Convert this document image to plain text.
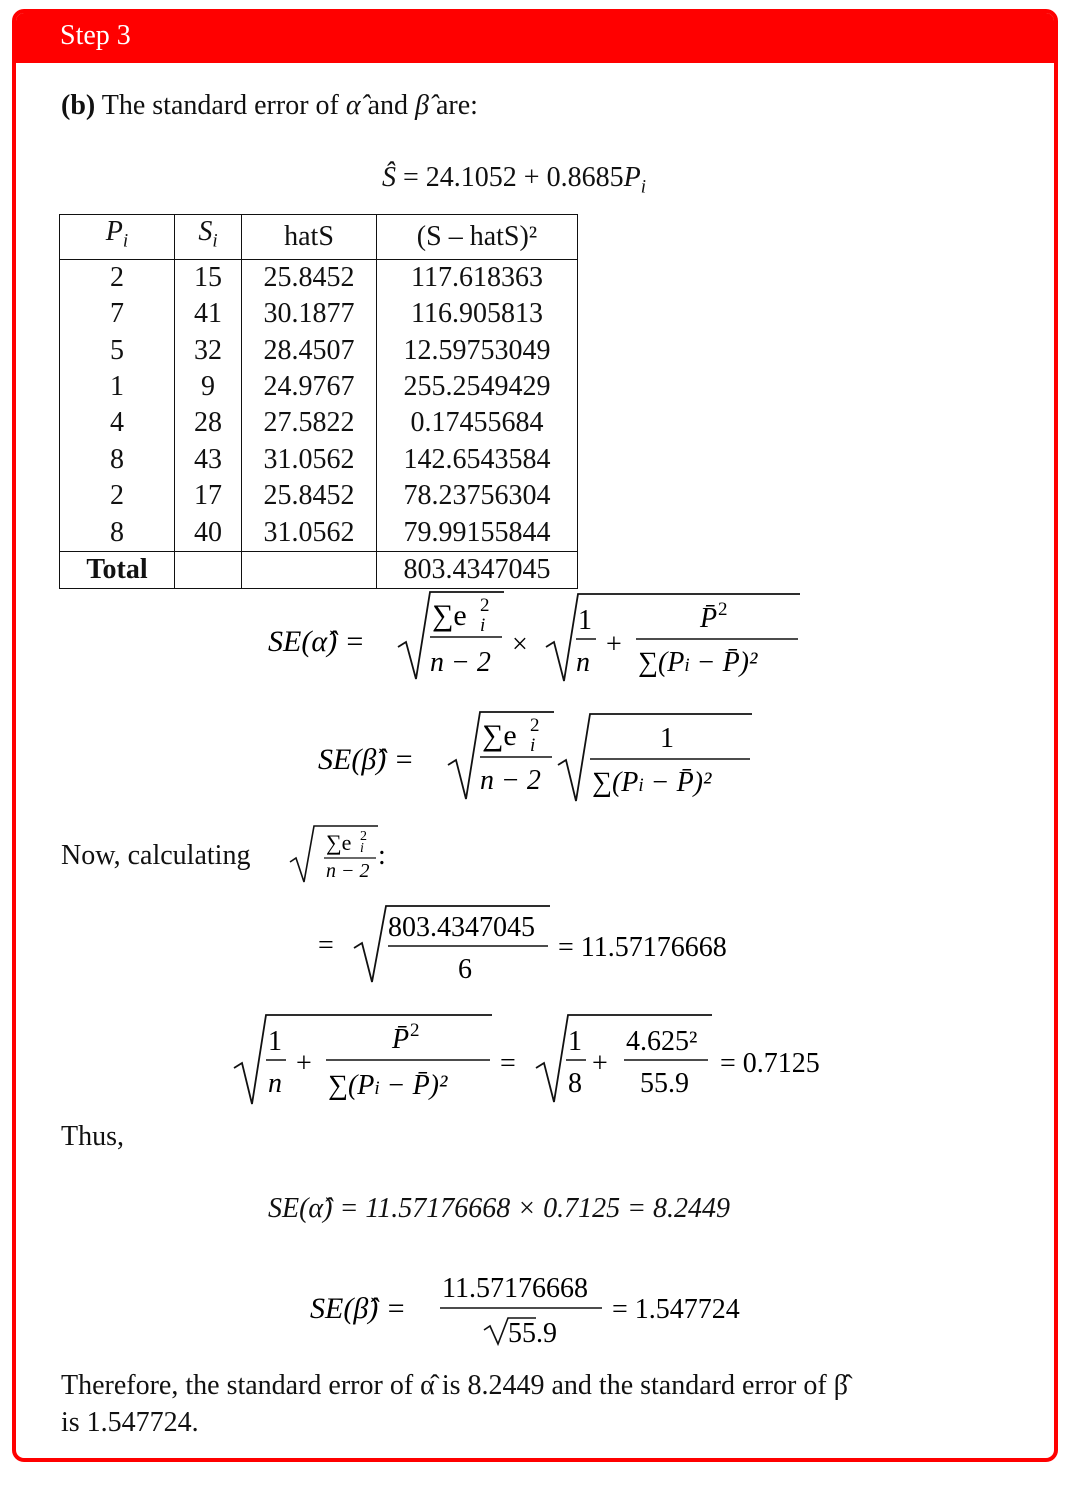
Step 3
(b) The standard error of α̂ and β̂ are:
Ŝ = $24.1052 + 0.8685P_i$
$P_i$	$S_i$	hatS	(S – hatS)²
2	15	25.8452	117.618363
7	41	30.1877	116.905813
5	32	28.4507	12.59753049
1	9	24.9767	255.2549429
4	28	27.5822	0.17455684
8	43	31.0562	142.6543584
2	17	25.8452	78.23756304
8	40	31.0562	79.99155844
Total			803.4347045
SE(α̂) =
∑e 2
i
n − 2
×
1
n
+
P̄ 2
∑(Pi − P̄)²
SE(β̂) =
∑e 2
i
n − 2
1
∑(Pi − P̄)²
Now, calculating	∑e 2
i
n − 2 :
=
803.4347045
6
= 11.57176668
1
n
+
P̄ 2
∑(Pi − P̄)²
=
1
8
+
4.625²
55.9
= 0.7125
Thus,
SE(α̂) = 11.57176668 × 0.7125 = 8.2449
SE(β̂) =
11.57176668
55.9
= 1.547724
Therefore, the standard error of α̂ is 8.2449 and the standard error of β̂
is 1.547724.
